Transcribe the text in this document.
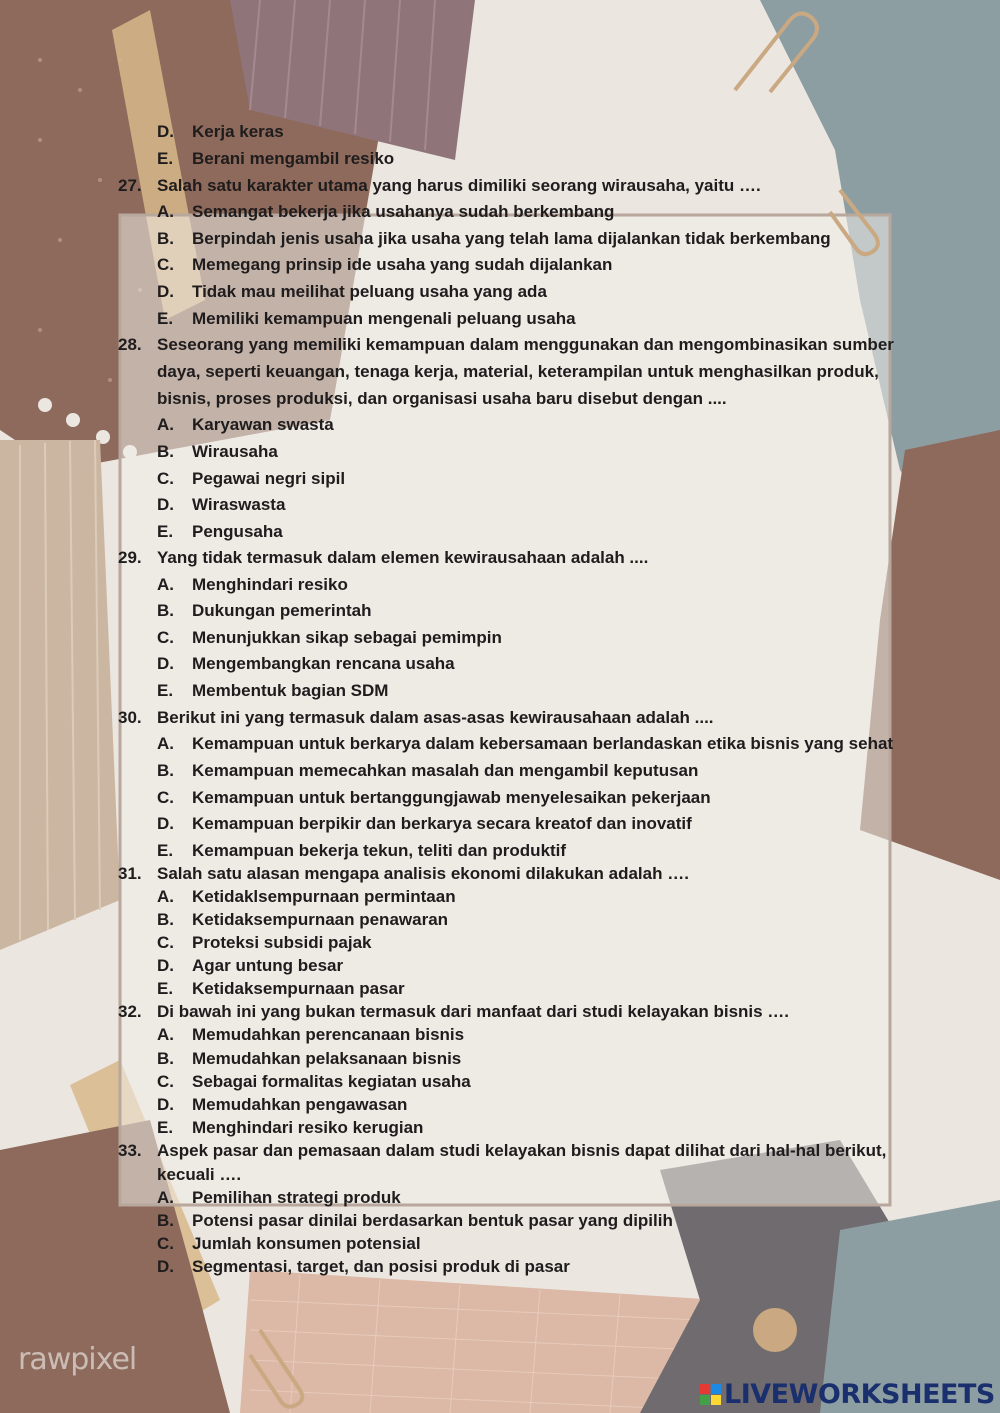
D. Kerja keras
E. Berani mengambil resiko
27. Salah satu karakter utama yang harus dimiliki seorang wirausaha, yaitu ….
A. Semangat bekerja jika usahanya sudah berkembang
B. Berpindah jenis usaha jika usaha yang telah lama dijalankan tidak berkembang
C. Memegang prinsip ide usaha yang sudah dijalankan
D. Tidak mau meilihat peluang usaha yang ada
E. Memiliki kemampuan mengenali peluang usaha
28. Seseorang yang memiliki kemampuan dalam menggunakan dan mengombinasikan sumber
daya, seperti keuangan, tenaga kerja, material, keterampilan untuk menghasilkan produk,
bisnis, proses produksi, dan organisasi usaha baru disebut dengan ....
A. Karyawan swasta
B. Wirausaha
C. Pegawai negri sipil
D. Wiraswasta
E. Pengusaha
29. Yang tidak termasuk dalam elemen kewirausahaan adalah ....
A. Menghindari resiko
B. Dukungan pemerintah
C. Menunjukkan sikap sebagai pemimpin
D. Mengembangkan rencana usaha
E. Membentuk bagian SDM
30. Berikut ini yang termasuk dalam asas-asas kewirausahaan adalah ....
A. Kemampuan untuk berkarya dalam kebersamaan berlandaskan etika bisnis yang sehat
B. Kemampuan memecahkan masalah dan mengambil keputusan
C. Kemampuan untuk bertanggungjawab menyelesaikan pekerjaan
D. Kemampuan berpikir dan berkarya secara kreatof dan inovatif
E. Kemampuan bekerja tekun, teliti dan produktif
31. Salah satu alasan mengapa analisis ekonomi dilakukan adalah ….
A. Ketidaklsempurnaan permintaan
B. Ketidaksempurnaan penawaran
C. Proteksi subsidi pajak
D. Agar untung besar
E. Ketidaksempurnaan pasar
32. Di bawah ini yang bukan termasuk dari manfaat dari studi kelayakan bisnis ….
A. Memudahkan perencanaan bisnis
B. Memudahkan pelaksanaan bisnis
C. Sebagai formalitas kegiatan usaha
D. Memudahkan pengawasan
E. Menghindari resiko kerugian
33. Aspek pasar dan pemasaan dalam studi kelayakan bisnis dapat dilihat dari hal-hal berikut,
kecuali ….
A. Pemilihan strategi produk
B. Potensi pasar dinilai berdasarkan bentuk pasar yang dipilih
C. Jumlah konsumen potensial
D. Segmentasi, target, dan posisi produk di pasar
rawpixel
LIVEWORKSHEETS
